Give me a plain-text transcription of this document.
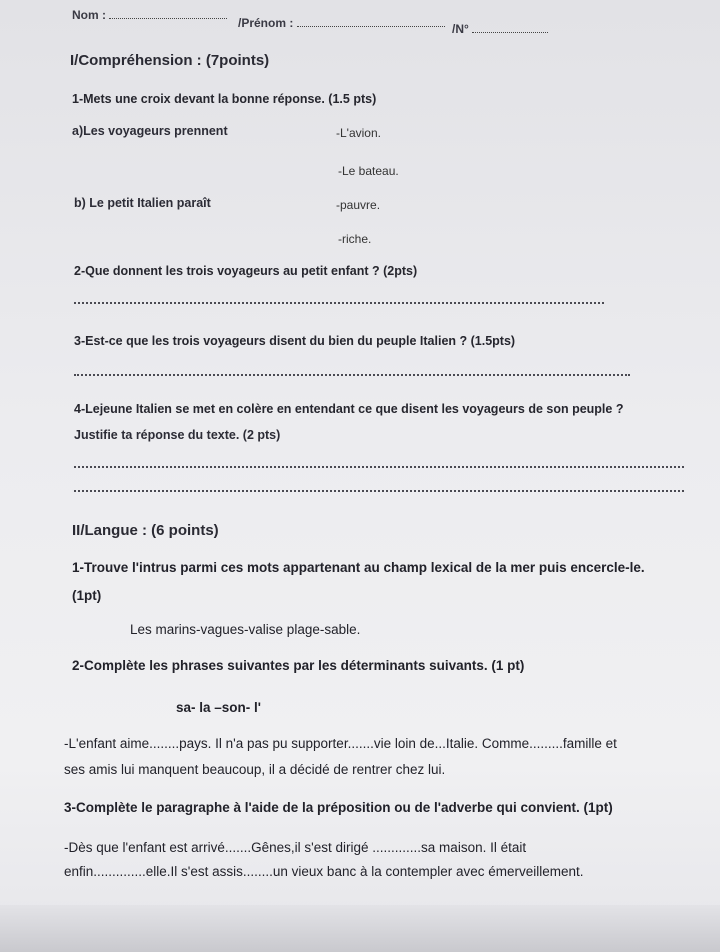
Nom :
/Prénom :	/N°
I/Compréhension : (7points)
1-Mets une croix devant la bonne réponse. (1.5 pts)
a)Les voyageurs prennent	-L'avion.
-Le bateau.
b) Le petit Italien paraît	-pauvre.
-riche.
2-Que donnent les trois voyageurs au petit enfant ? (2pts)
3-Est-ce que les trois voyageurs disent du bien du peuple Italien ? (1.5pts)
4-Lejeune Italien se met en colère en entendant ce que disent les voyageurs de son peuple ?
Justifie ta réponse du texte. (2 pts)
II/Langue : (6 points)
1-Trouve l'intrus parmi ces mots appartenant au champ lexical de la mer puis encercle-le.
(1pt)
Les marins-vagues-valise plage-sable.
2-Complète les phrases suivantes par les déterminants suivants. (1 pt)
sa- la –son- l'
-L'enfant aime........pays. Il n'a pas pu supporter.......vie loin de...Italie. Comme.........famille et
ses amis lui manquent beaucoup, il a décidé de rentrer chez lui.
3-Complète le paragraphe à l'aide de la préposition ou de l'adverbe qui convient. (1pt)
-Dès que l'enfant est arrivé.......Gênes,il s'est dirigé .............sa maison. Il était
enfin..............elle.Il s'est assis........un vieux banc à la contempler avec émerveillement.
